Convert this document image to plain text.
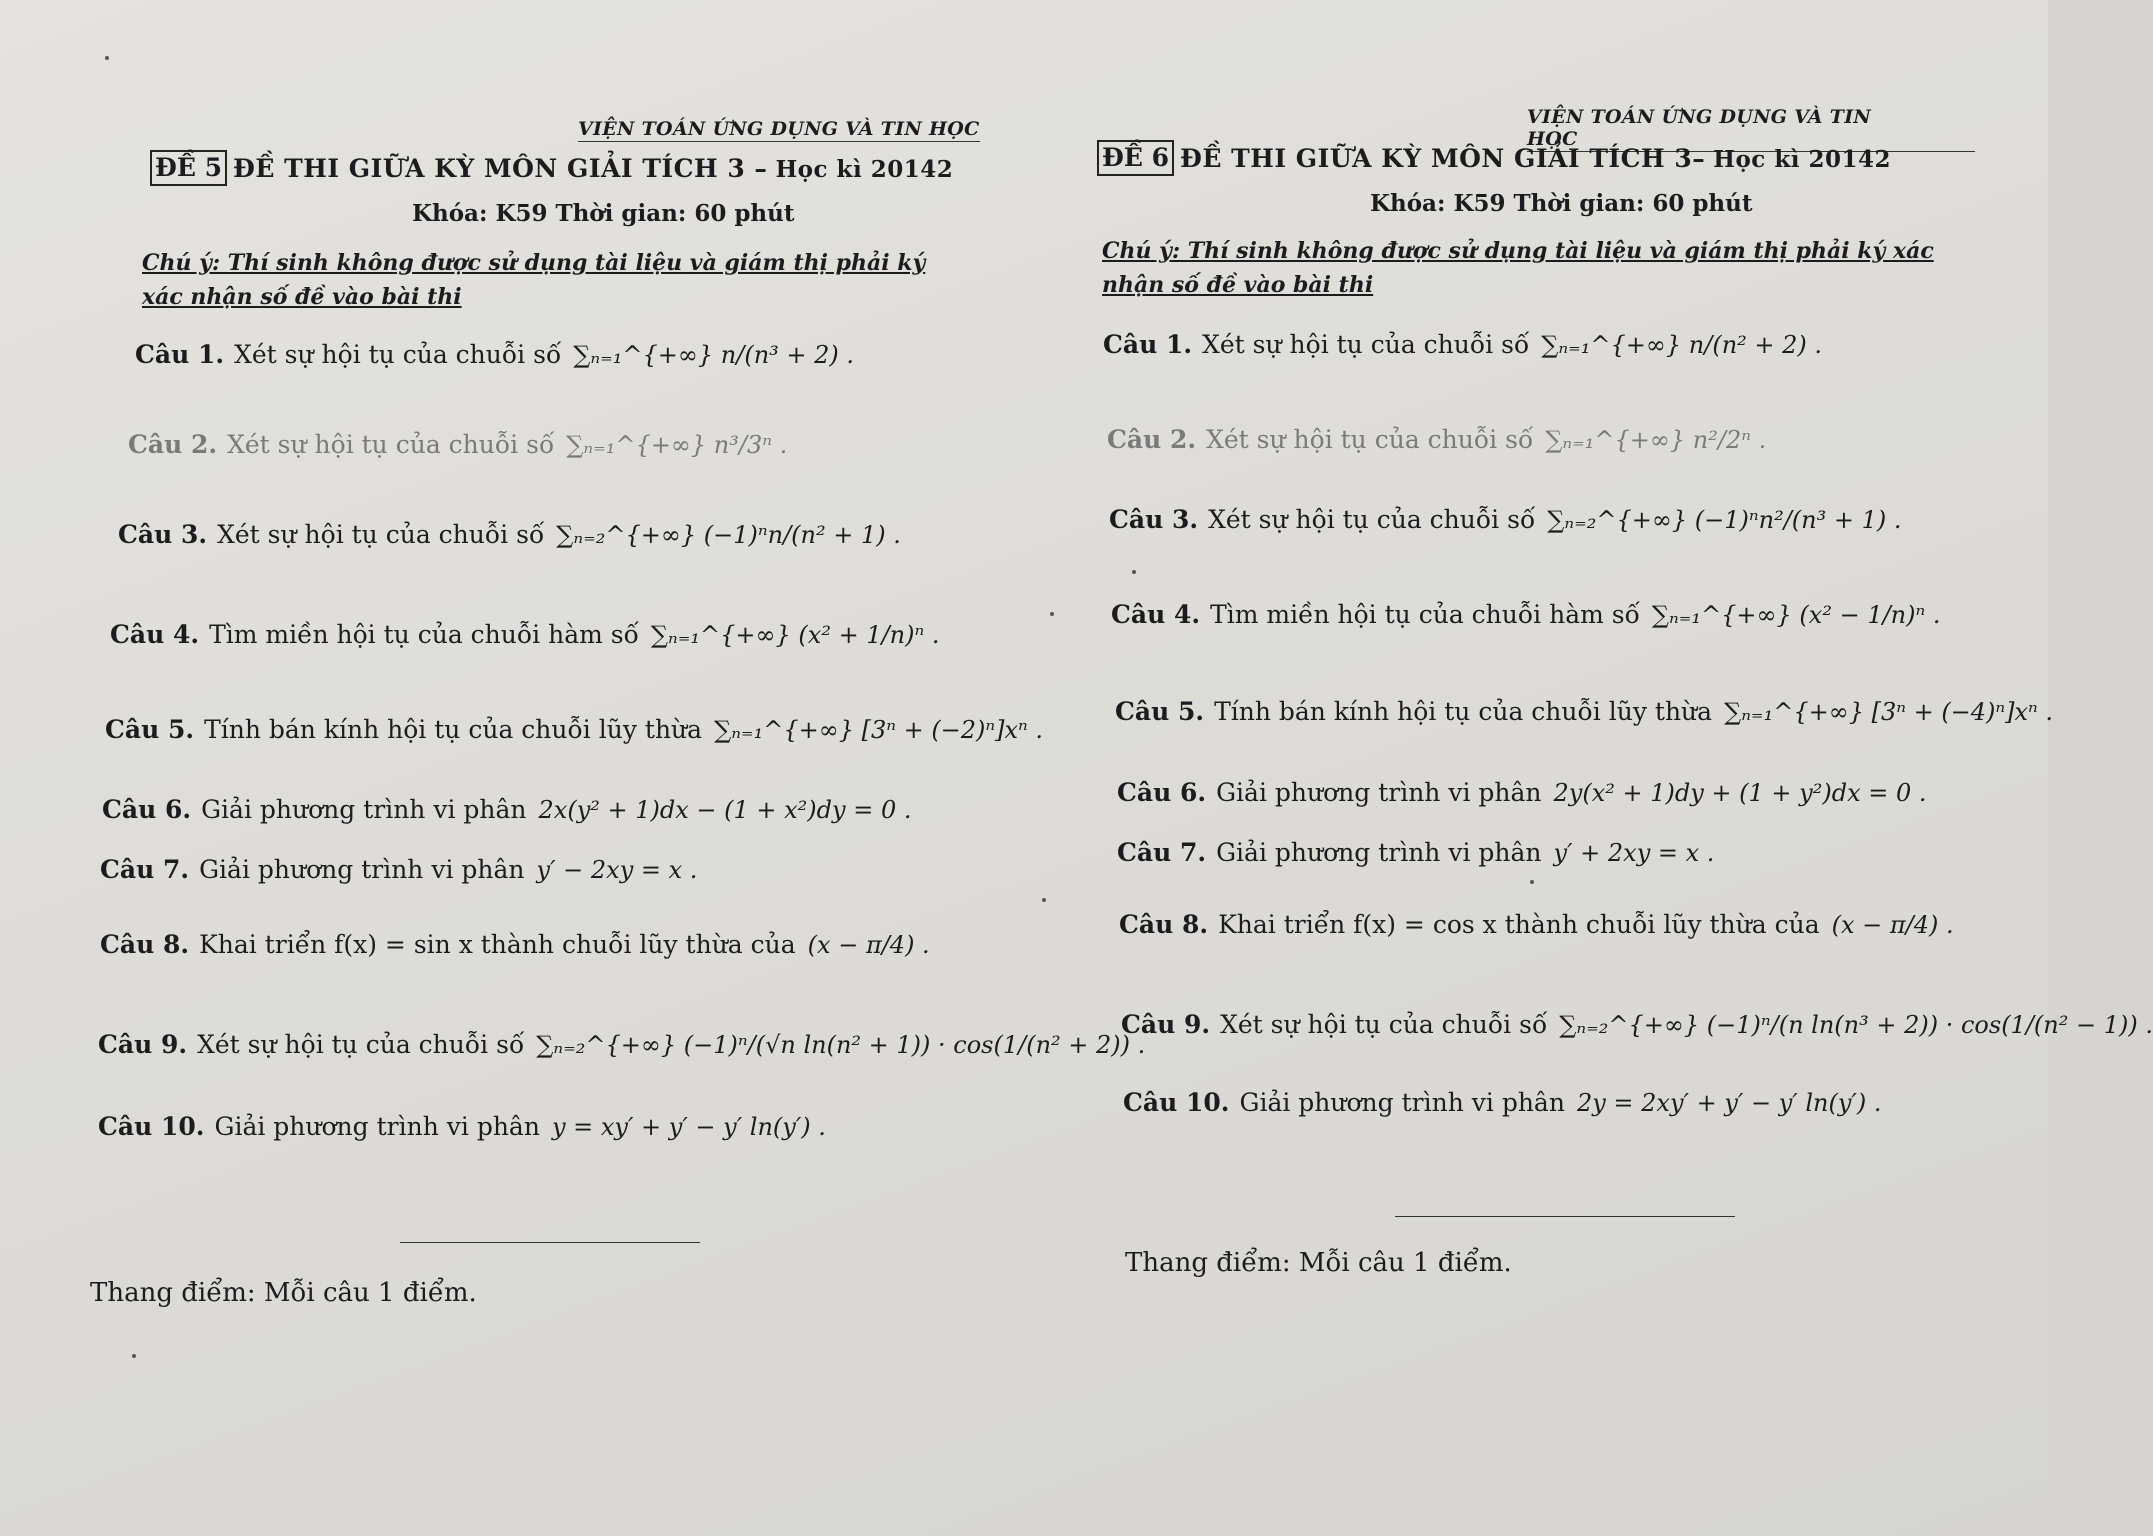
VIỆN TOÁN ỨNG DỤNG VÀ TIN HỌC
ĐỀ 5 ĐỀ THI GIỮA KỲ MÔN GIẢI TÍCH 3 – Học kì 20142
Khóa: K59 Thời gian: 60 phút
Chú ý: Thí sinh không được sử dụng tài liệu và giám thị phải ký xác nhận số đề vào bài thi
Câu 1. Xét sự hội tụ của chuỗi số ∑ₙ₌₁^{+∞} n/(n³ + 2) .
Câu 2. Xét sự hội tụ của chuỗi số ∑ₙ₌₁^{+∞} n³/3ⁿ .
Câu 3. Xét sự hội tụ của chuỗi số ∑ₙ₌₂^{+∞} (−1)ⁿn/(n² + 1) .
Câu 4. Tìm miền hội tụ của chuỗi hàm số ∑ₙ₌₁^{+∞} (x² + 1/n)ⁿ .
Câu 5. Tính bán kính hội tụ của chuỗi lũy thừa ∑ₙ₌₁^{+∞} [3ⁿ + (−2)ⁿ]xⁿ .
Câu 6. Giải phương trình vi phân 2x(y² + 1)dx − (1 + x²)dy = 0 .
Câu 7. Giải phương trình vi phân y′ − 2xy = x .
Câu 8. Khai triển f(x) = sin x thành chuỗi lũy thừa của (x − π/4) .
Câu 9. Xét sự hội tụ của chuỗi số ∑ₙ₌₂^{+∞} (−1)ⁿ/(√n ln(n² + 1)) · cos(1/(n² + 2)) .
Câu 10. Giải phương trình vi phân y = xy′ + y′ − y′ ln(y′) .
Thang điểm: Mỗi câu 1 điểm.
VIỆN TOÁN ỨNG DỤNG VÀ TIN HỌC
ĐỀ 6 ĐỀ THI GIỮA KỲ MÔN GIẢI TÍCH 3– Học kì 20142
Khóa: K59 Thời gian: 60 phút
Chú ý: Thí sinh không được sử dụng tài liệu và giám thị phải ký xác nhận số đề vào bài thi
Câu 1. Xét sự hội tụ của chuỗi số ∑ₙ₌₁^{+∞} n/(n² + 2) .
Câu 2. Xét sự hội tụ của chuỗi số ∑ₙ₌₁^{+∞} n²/2ⁿ .
Câu 3. Xét sự hội tụ của chuỗi số ∑ₙ₌₂^{+∞} (−1)ⁿn²/(n³ + 1) .
Câu 4. Tìm miền hội tụ của chuỗi hàm số ∑ₙ₌₁^{+∞} (x² − 1/n)ⁿ .
Câu 5. Tính bán kính hội tụ của chuỗi lũy thừa ∑ₙ₌₁^{+∞} [3ⁿ + (−4)ⁿ]xⁿ .
Câu 6. Giải phương trình vi phân 2y(x² + 1)dy + (1 + y²)dx = 0 .
Câu 7. Giải phương trình vi phân y′ + 2xy = x .
Câu 8. Khai triển f(x) = cos x thành chuỗi lũy thừa của (x − π/4) .
Câu 9. Xét sự hội tụ của chuỗi số ∑ₙ₌₂^{+∞} (−1)ⁿ/(n ln(n³ + 2)) · cos(1/(n² − 1)) .
Câu 10. Giải phương trình vi phân 2y = 2xy′ + y′ − y′ ln(y′) .
Thang điểm: Mỗi câu 1 điểm.
